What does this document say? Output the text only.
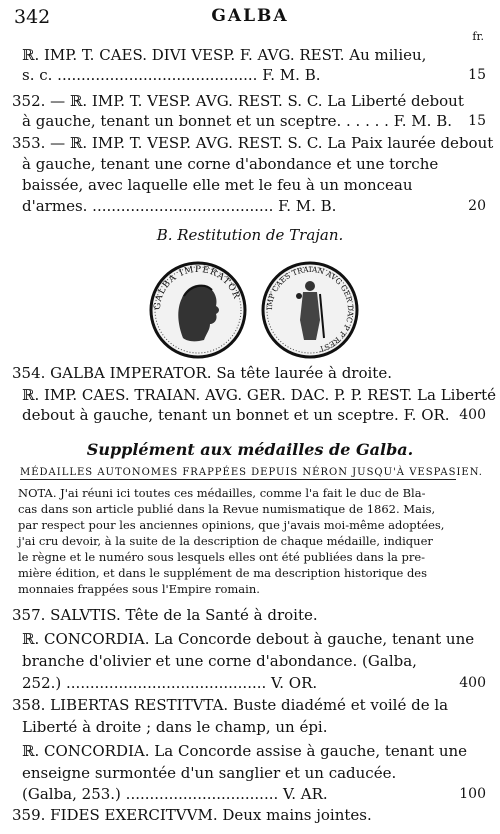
342	GALBA
fr.
ℝ. IMP. T. CAES. DIVI VESP. F. AVG. REST. Au milieu,
s. c. .......................................... F. M. B.	15
352. — ℝ. IMP. T. VESP. AVG. REST. S. C. La Liberté debout
à gauche, tenant un bonnet et un sceptre. . . . . . F. M. B. 15
353. — ℝ. IMP. T. VESP. AVG. REST. S. C. La Paix laurée debout
à gauche, tenant une corne d'abondance et une torche
baissée, avec laquelle elle met le feu à un monceau
d'armes. ...................................... F. M. B.	20
B. Restitution de Trajan.
GALBA IMPERATOR
IMP CAES TRAIAN AVG GER DAC P P REST
354. GALBA IMPERATOR. Sa tête laurée à droite.
ℝ. IMP. CAES. TRAIAN. AVG. GER. DAC. P. P. REST. La Liberté
debout à gauche, tenant un bonnet et un sceptre. F. OR. 400
Supplément aux médailles de Galba.
MÉDAILLES AUTONOMES FRAPPÉES DEPUIS NÉRON JUSQU'À VESPASIEN.
NOTA. J'ai réuni ici toutes ces médailles, comme l'a fait le duc de Bla-
cas dans son article publié dans la Revue numismatique de 1862. Mais,
par respect pour les anciennes opinions, que j'avais moi-même adoptées,
j'ai cru devoir, à la suite de la description de chaque médaille, indiquer
le règne et le numéro sous lesquels elles ont été publiées dans la pre-
mière édition, et dans le supplément de ma description historique des
monnaies frappées sous l'Empire romain.
357. SALVTIS. Tête de la Santé à droite.
ℝ. CONCORDIA. La Concorde debout à gauche, tenant une
branche d'olivier et une corne d'abondance. (Galba,
252.) .......................................... V. OR.	400
358. LIBERTAS RESTITVTA. Buste diadémé et voilé de la
Liberté à droite ; dans le champ, un épi.
ℝ. CONCORDIA. La Concorde assise à gauche, tenant une
enseigne surmontée d'un sanglier et un caducée.
(Galba, 253.) ................................ V. AR.	100
359. FIDES EXERCITVVM. Deux mains jointes.
